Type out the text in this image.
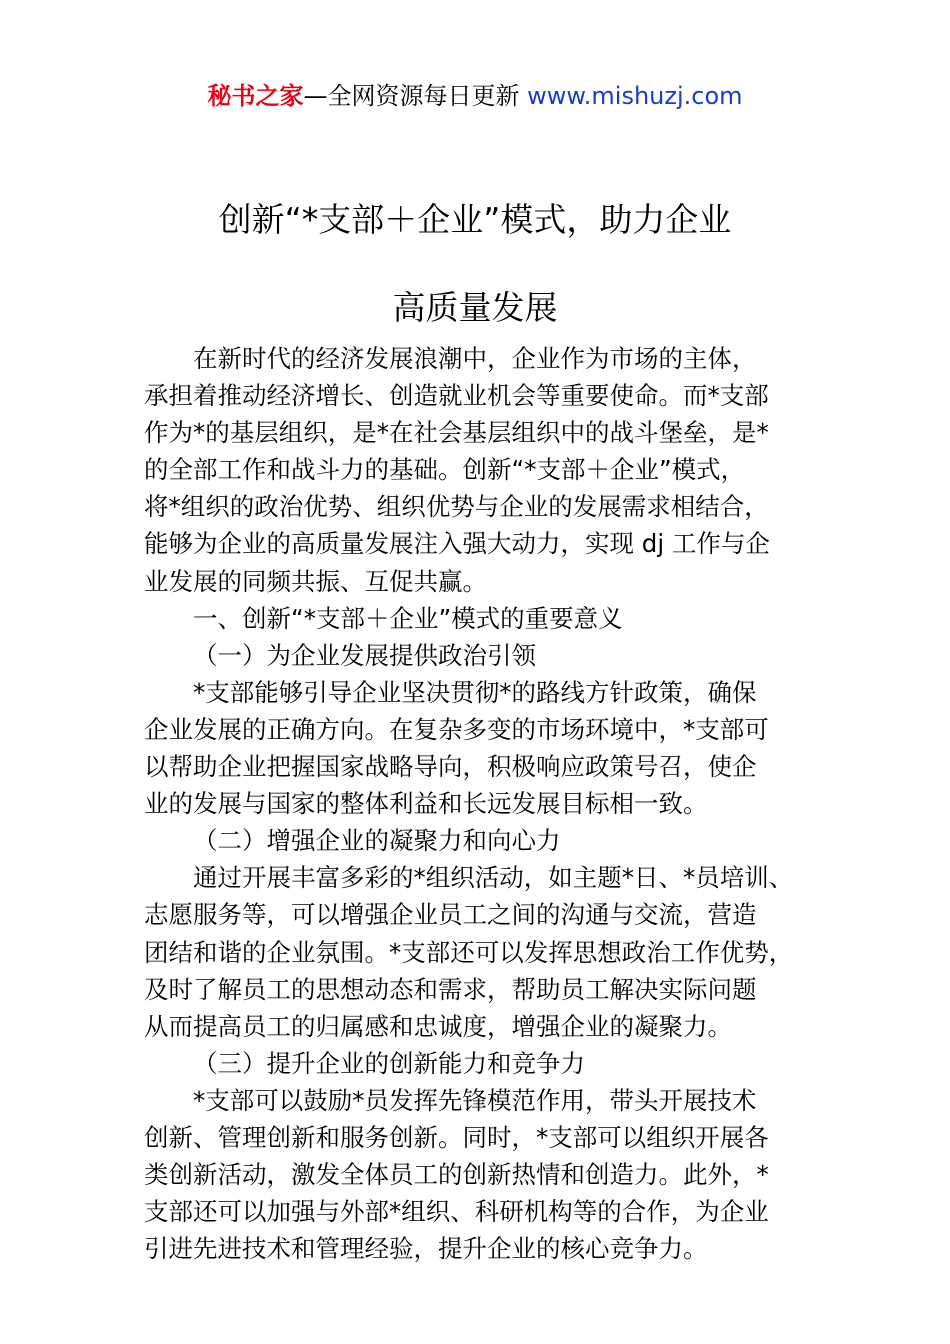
秘书之家—全网资源每日更新 www.mishuzj.com
创新“*支部＋企业”模式，助力企业
高质量发展
在新时代的经济发展浪潮中，企业作为市场的主体，
承担着推动经济增长、创造就业机会等重要使命。而*支部
作为*的基层组织，是*在社会基层组织中的战斗堡垒，是*
的全部工作和战斗力的基础。创新“*支部＋企业”模式，
将*组织的政治优势、组织优势与企业的发展需求相结合，
能够为企业的高质量发展注入强大动力，实现 dj 工作与企
业发展的同频共振、互促共赢。
一、创新“*支部＋企业”模式的重要意义
（一）为企业发展提供政治引领
*支部能够引导企业坚决贯彻*的路线方针政策，确保
企业发展的正确方向。在复杂多变的市场环境中，*支部可
以帮助企业把握国家战略导向，积极响应政策号召，使企
业的发展与国家的整体利益和长远发展目标相一致。
（二）增强企业的凝聚力和向心力
通过开展丰富多彩的*组织活动，如主题*日、*员培训、
志愿服务等，可以增强企业员工之间的沟通与交流，营造
团结和谐的企业氛围。*支部还可以发挥思想政治工作优势，
及时了解员工的思想动态和需求，帮助员工解决实际问题
从而提高员工的归属感和忠诚度，增强企业的凝聚力。
（三）提升企业的创新能力和竞争力
*支部可以鼓励*员发挥先锋模范作用，带头开展技术
创新、管理创新和服务创新。同时，*支部可以组织开展各
类创新活动，激发全体员工的创新热情和创造力。此外，*
支部还可以加强与外部*组织、科研机构等的合作，为企业
引进先进技术和管理经验，提升企业的核心竞争力。
